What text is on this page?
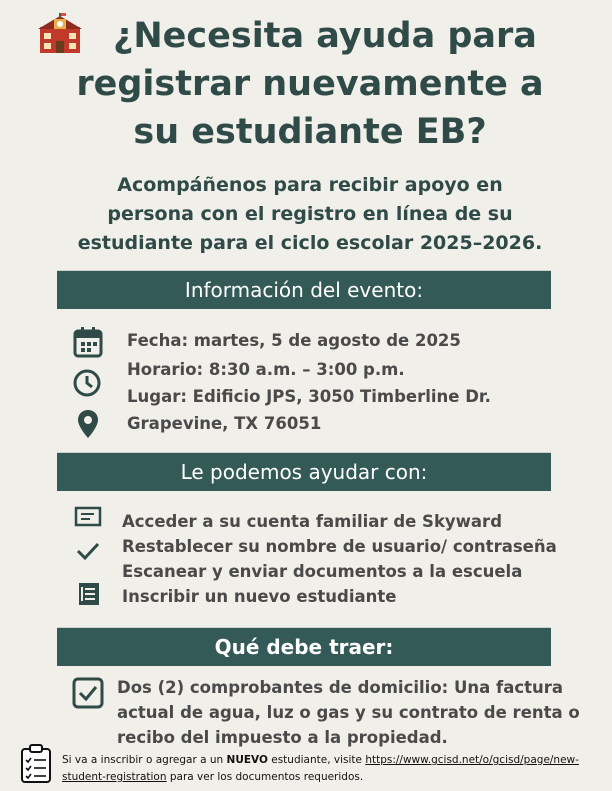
¿Necesita ayuda para
registrar nuevamente a
su estudiante EB?
Acompáñenos para recibir apoyo en
persona con el registro en línea de su
estudiante para el ciclo escolar 2025–2026.
Información del evento:
Fecha: martes, 5 de agosto de 2025
Horario: 8:30 a.m. – 3:00 p.m.
Lugar: Edificio JPS, 3050 Timberline Dr.
Grapevine, TX 76051
Le podemos ayudar con:
Acceder a su cuenta familiar de Skyward
Restablecer su nombre de usuario/ contraseña
Escanear y enviar documentos a la escuela
Inscribir un nuevo estudiante
Qué debe traer:
Dos (2) comprobantes de domicilio: Una factura
actual de agua, luz o gas y su contrato de renta o
recibo del impuesto a la propiedad.
Si va a inscribir o agregar a un NUEVO estudiante, visite https://www.gcisd.net/o/gcisd/page/new-
student-registration para ver los documentos requeridos.
